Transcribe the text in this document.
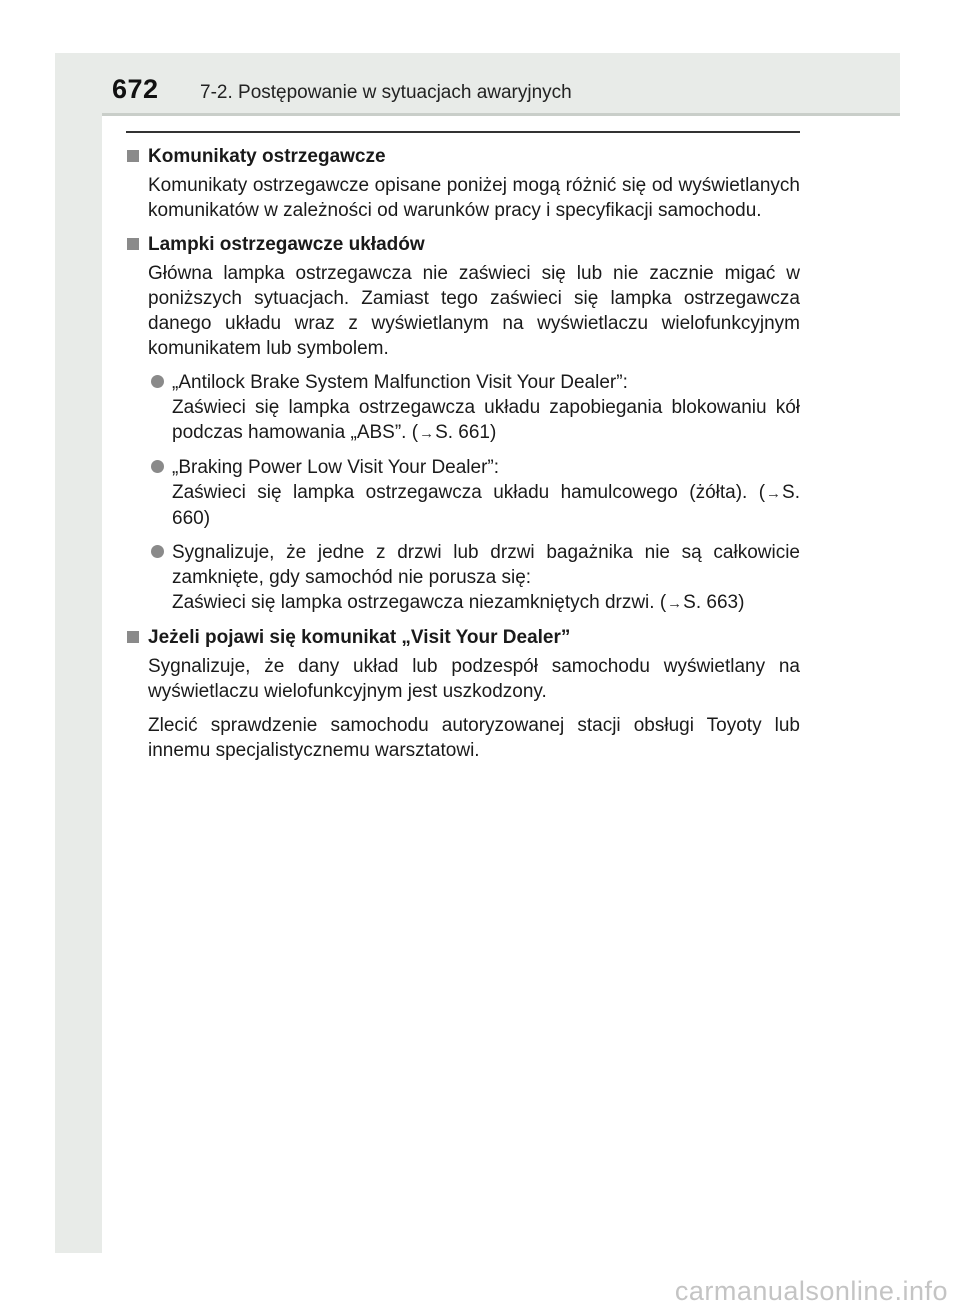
672 7-2. Postępowanie w sytuacjach awaryjnych
Komunikaty ostrzegawcze
Komunikaty ostrzegawcze opisane poniżej mogą różnić się od wyświetlanych komunikatów w zależności od warunków pracy i specyfikacji samochodu.
Lampki ostrzegawcze układów
Główna lampka ostrzegawcza nie zaświeci się lub nie zacznie migać w poniższych sytuacjach. Zamiast tego zaświeci się lampka ostrzegawcza danego układu wraz z wyświetlanym na wyświetlaczu wielofunkcyjnym komunikatem lub symbolem.
„Antilock Brake System Malfunction Visit Your Dealer”:
Zaświeci się lampka ostrzegawcza układu zapobiegania blokowaniu kół podczas hamowania „ABS”. (→S. 661)
„Braking Power Low Visit Your Dealer”:
Zaświeci się lampka ostrzegawcza układu hamulcowego (żółta). (→S. 660)
Sygnalizuje, że jedne z drzwi lub drzwi bagażnika nie są całkowicie zamknięte, gdy samochód nie porusza się:
Zaświeci się lampka ostrzegawcza niezamkniętych drzwi. (→S. 663)
Jeżeli pojawi się komunikat „Visit Your Dealer”
Sygnalizuje, że dany układ lub podzespół samochodu wyświetlany na wyświetlaczu wielofunkcyjnym jest uszkodzony.
Zlecić sprawdzenie samochodu autoryzowanej stacji obsługi Toyoty lub innemu specjalistycznemu warsztatowi.
carmanualsonline.info
